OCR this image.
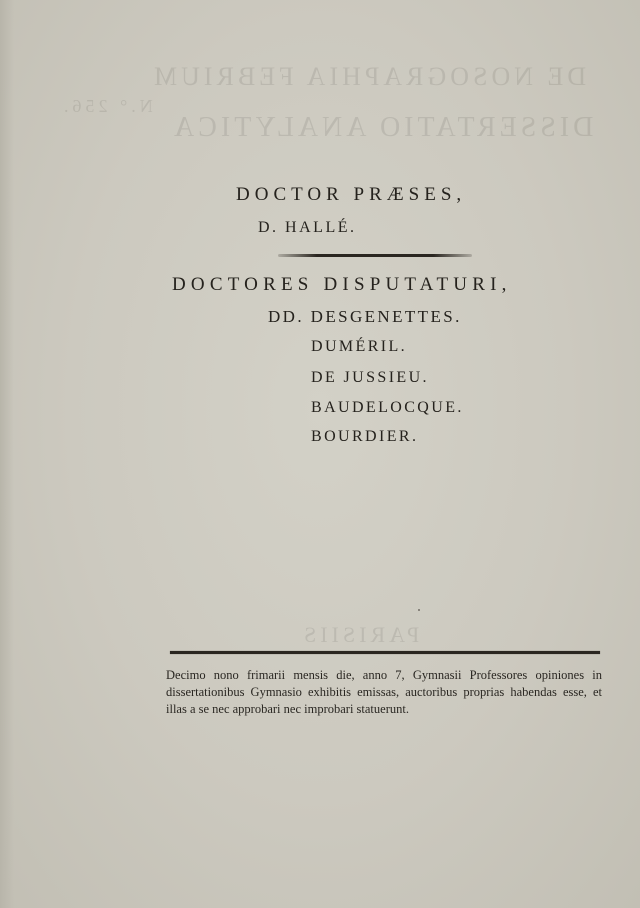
DE NOSOGRAPHIA FEBRIUM
DISSERTATIO ANALYTICA
N.° 256.
PARISIIS
DOCTOR PRÆSES,
D. HALLÉ.
DOCTORES DISPUTATURI,
DD. DESGENETTES.
DUMÉRIL.
DE JUSSIEU.
BAUDELOCQUE.
BOURDIER.
Decimo nono frimarii mensis die, anno 7, Gymnasii Professores opiniones in dissertationibus Gymnasio exhibitis emissas, auctoribus proprias habendas esse, et illas a se nec approbari nec improbari statuerunt.
